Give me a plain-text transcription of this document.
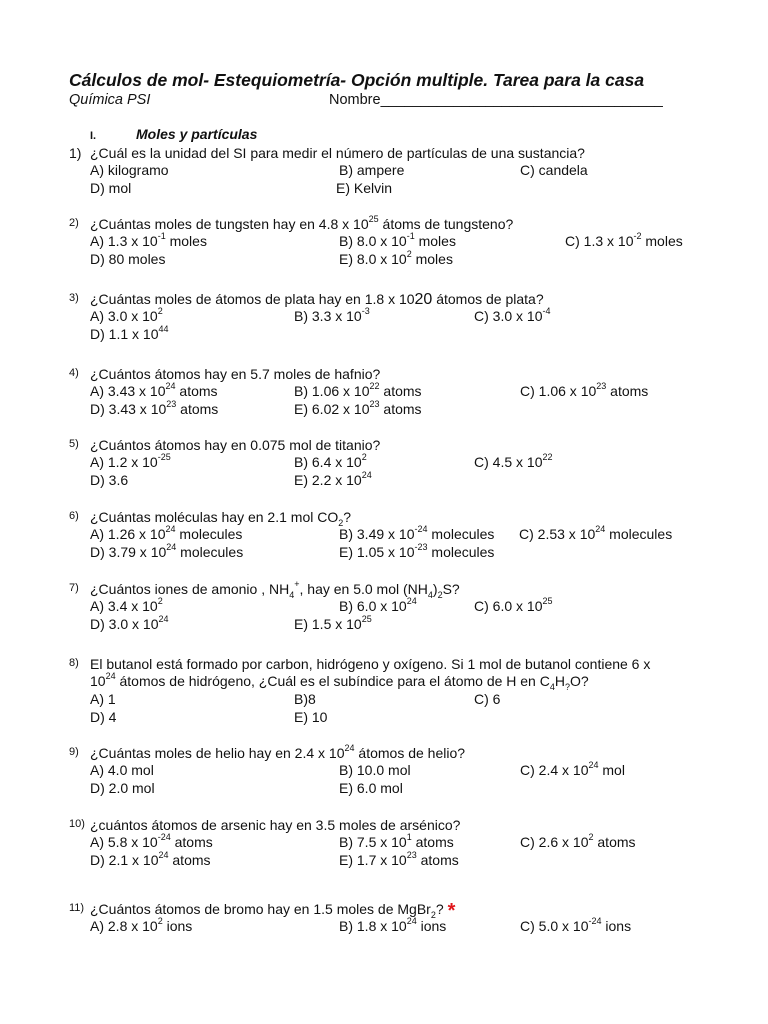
Cálculos de mol- Estequiometría- Opción multiple. Tarea para la casa
Química PSI	Nombre___________________________________
I.	Moles y partículas
1) ¿Cuál es la unidad del SI para medir el número de partículas de una sustancia?
A) kilogramo	B) ampere	C) candela
D) mol	E) Kelvin
2) ¿Cuántas moles de tungsten hay en 4.8 x $10^{25}$ átoms de tungsteno?
A) 1.3 x $10^{-1}$ moles	B) 8.0 x $10^{-1}$ moles	C) 1.3 x $10^{-2}$ moles
D) 80 moles	E) 8.0 x $10^2$ moles
3) ¿Cuántas moles de átomos de plata hay en 1.8 x 1020 átomos de plata?
A) 3.0 x $10^2$	B) 3.3 x $10^{-3}$	C) 3.0 x $10^{-4}$
D) 1.1 x $10^{44}$
4) ¿Cuántos átomos hay en 5.7 moles de hafnio?
A) 3.43 x $10^{24}$ atoms	B) 1.06 x $10^{22}$ atoms	C) 1.06 x $10^{23}$ atoms
D) 3.43 x $10^{23}$ atoms	E) 6.02 x $10^{23}$ atoms
5) ¿Cuántos átomos hay en 0.075 mol de titanio?
A) 1.2 x $10^{-25}$	B) 6.4 x $10^2$	C) 4.5 x $10^{22}$
D) 3.6	E) 2.2 x $10^{24}$
6) ¿Cuántas moléculas hay en 2.1 mol $CO_2$?
A) 1.26 x $10^{24}$ molecules	B) 3.49 x $10^{-24}$ molecules C) 2.53 x $10^{24}$ molecules
D) 3.79 x $10^{24}$ molecules	E) 1.05 x $10^{-23}$ molecules
7) ¿Cuántos iones de amonio , $NH_4^+$, hay en 5.0 mol $(NH_4)_2S$?
A) 3.4 x $10^2$	B) 6.0 x $10^{24}$	C) 6.0 x $10^{25}$
D) 3.0 x $10^{24}$	E) 1.5 x $10^{25}$
8) El butanol está formado por carbon, hidrógeno y oxígeno. Si 1 mol de butanol contiene 6 x
$10^{24}$ átomos de hidrógeno, ¿Cuál es el subíndice para el átomo de H en $C_4H_?O$?
A) 1	B)8	C) 6
D) 4	E) 10
9) ¿Cuántas moles de helio hay en 2.4 x $10^{24}$ átomos de helio?
A) 4.0 mol	B) 10.0 mol	C) 2.4 x $10^{24}$ mol
D) 2.0 mol	E) 6.0 mol
10) ¿cuántos átomos de arsenic hay en 3.5 moles de arsénico?
A) 5.8 x $10^{-24}$ atoms	B) 7.5 x $10^1$ atoms	C) 2.6 x $10^2$ atoms
D) 2.1 x $10^{24}$ atoms	E) 1.7 x $10^{23}$ atoms
11) ¿Cuántos átomos de bromo hay en 1.5 moles de MgBr$_2$? *
A) 2.8 x $10^2$ ions	B) 1.8 x $10^{24}$ ions	C) 5.0 x $10^{-24}$ ions
